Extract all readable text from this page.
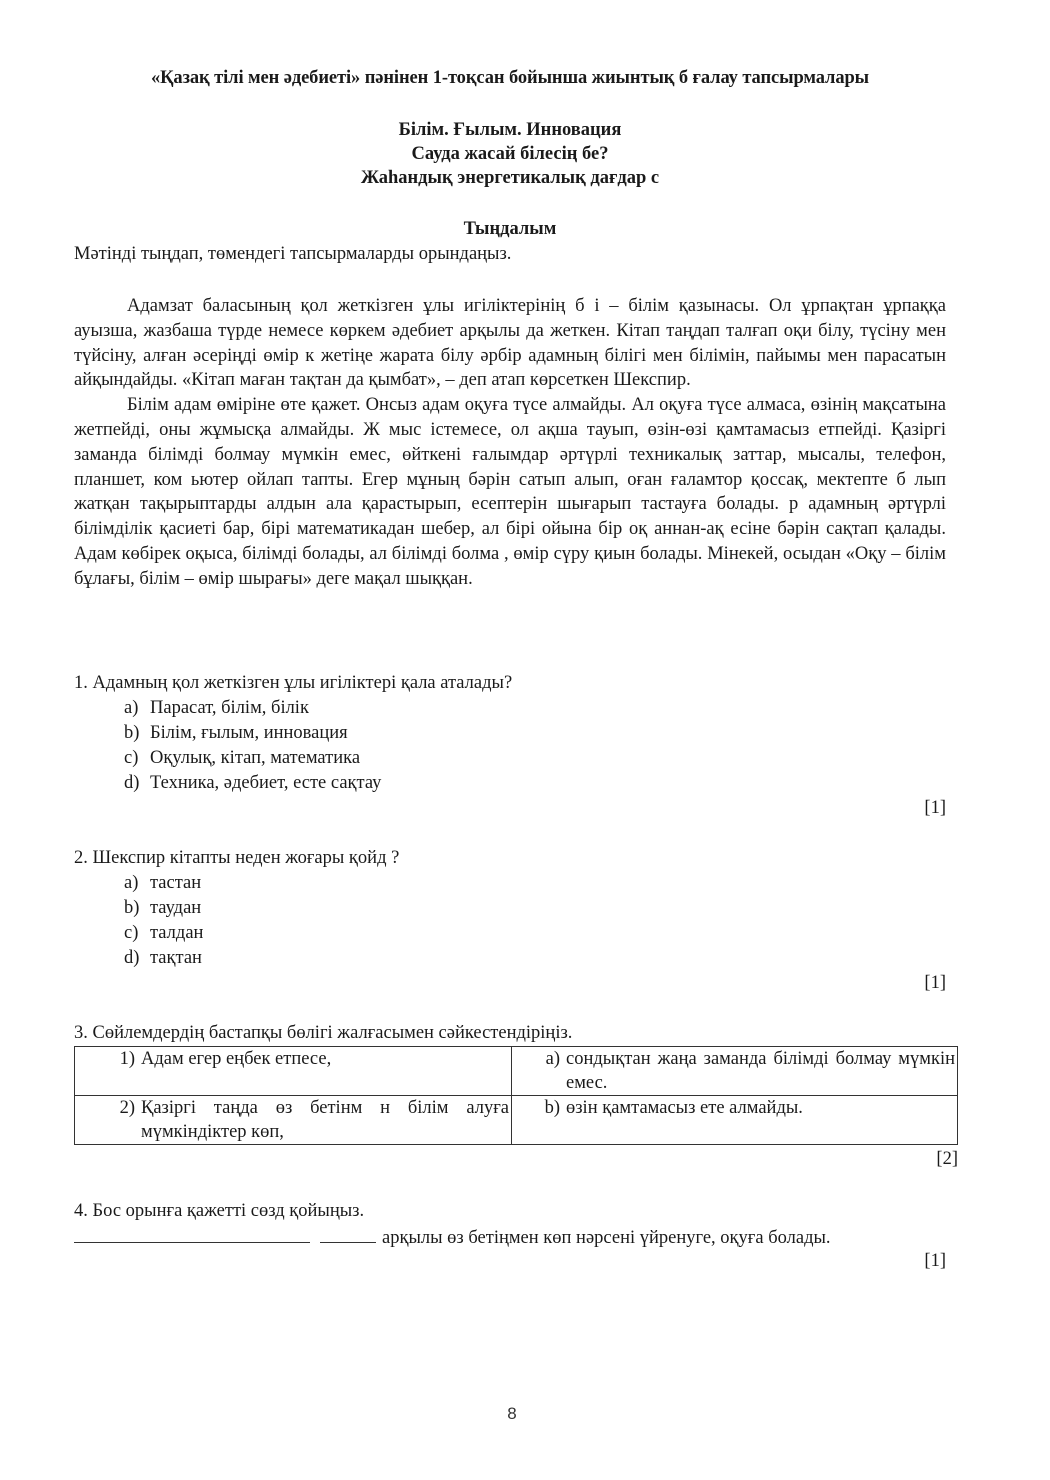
«Қазақ тілі мен әдебиеті» пәнінен 1-тоқсан бойынша жиынтық б ғалау тапсырмалары
Білім. Ғылым. Инновация
Сауда жасай білесің бе?
Жаһандық энергетикалық дағдар с
Тыңдалым
Мәтінді тыңдап, төмендегі тапсырмаларды орындаңыз.

Адамзат баласының қол жеткізген ұлы игіліктерінің б і – білім қазынасы. Ол ұрпақтан ұрпаққа ауызша, жазбаша түрде немесе көркем әдебиет арқылы да жеткен. Кітап таңдап талғап оқи білу, түсіну мен түйсіну, алған әсеріңді өмір к жетіңе жарата білу әрбір адамның білігі мен білімін, пайымы мен парасатын айқындайды. «Кітап маған тақтан да қымбат», – деп атап көрсеткен Шекспир.

Білім адам өміріне өте қажет. Онсыз адам оқуға түсе алмайды. Ал оқуға түсе алмаса, өзінің мақсатына жетпейді, оны жұмысқа алмайды. Ж мыс істемесе, ол ақша тауып, өзін-өзі қамтамасыз етпейді. Қазіргі заманда білімді болмау мүмкін емес, өйткені ғалымдар әртүрлі техникалық заттар, мысалы, телефон, планшет, ком ьютер ойлап тапты. Егер мұның бәрін сатып алып, оған ғаламтор қоссақ, мектепте б лып жатқан тақырыптарды алдын ала қарастырып, есептерін шығарып тастауға болады. р адамның әртүрлі білімділік қасиеті бар, бірі математикадан шебер, ал бірі ойына бір оқ аннан-ақ есіне бәрін сақтап қалады. Адам көбірек оқыса, білімді болады, ал білімді болма , өмір сүру қиын болады. Мінекей, осыдан «Оқу – білім бұлағы, білім – өмір шырағы» деге мақал шыққан.

1. Адамның қол жеткізген ұлы игіліктері қала аталады?
a) Парасат, білім, білік
b) Білім, ғылым, инновация
c) Оқулық, кітап, математика
d) Техника, әдебиет, есте сақтау
[1]
2. Шекспир кітапты неден жоғары қойд ?
a) тастан
b) таудан
c) талдан
d) тақтан
[1]
3. Сөйлемдердің бастапқы бөлігі жалғасымен сәйкестендіріңіз.
1) Адам егер еңбек етпесе,	a) сондықтан жаңа заманда білімді болмау мүмкін емес.

2) Қазіргі таңда өз бетінм н білім алуға мүмкіндіктер көп,	b) өзін қамтамасыз ете алмайды.
[2]
4. Бос орынға қажетті сөзд қойыңыз.
арқылы өз бетіңмен көп нәрсені үйренуге, оқуға болады.
[1]
8
